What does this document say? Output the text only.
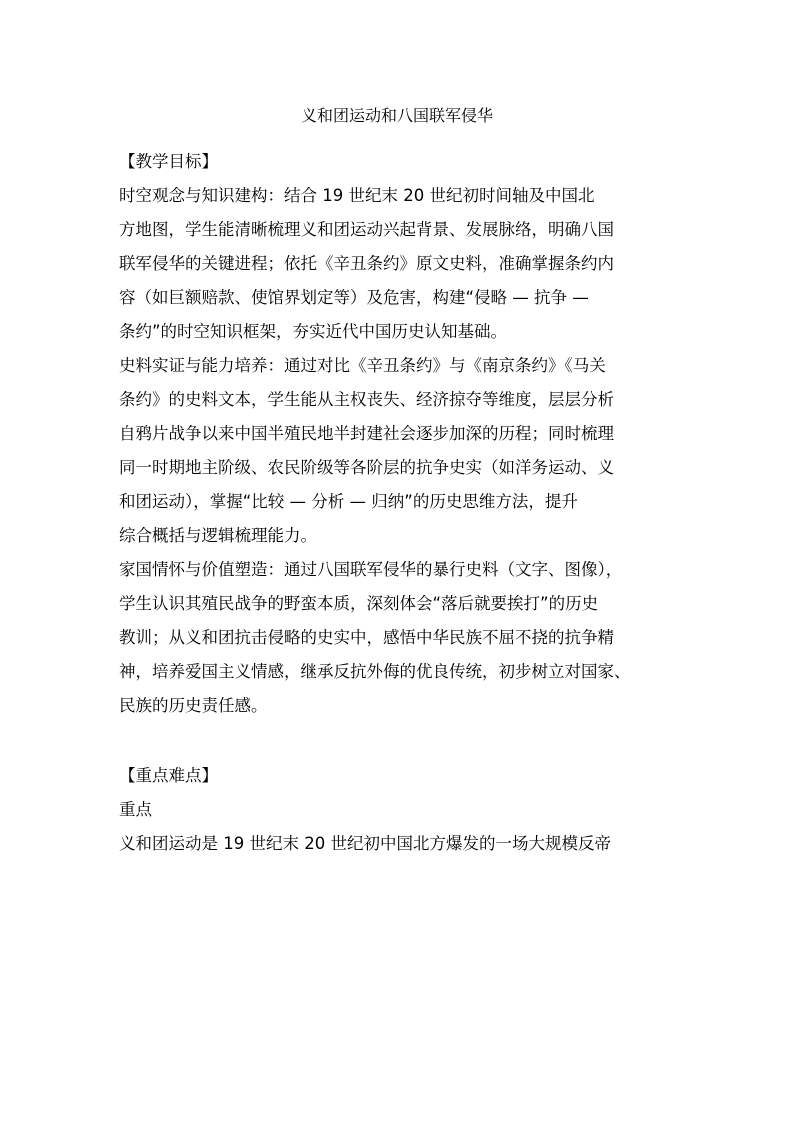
义和团运动和八国联军侵华
【教学目标】
时空观念与知识建构：结合 19 世纪末 20 世纪初时间轴及中国北
方地图，学生能清晰梳理义和团运动兴起背景、发展脉络，明确八国
联军侵华的关键进程；依托《辛丑条约》原文史料，准确掌握条约内
容（如巨额赔款、使馆界划定等）及危害，构建“侵略 — 抗争 —
条约”的时空知识框架，夯实近代中国历史认知基础。
史料实证与能力培养：通过对比《辛丑条约》与《南京条约》《马关
条约》的史料文本，学生能从主权丧失、经济掠夺等维度，层层分析
自鸦片战争以来中国半殖民地半封建社会逐步加深的历程；同时梳理
同一时期地主阶级、农民阶级等各阶层的抗争史实（如洋务运动、义
和团运动），掌握“比较 — 分析 — 归纳”的历史思维方法，提升
综合概括与逻辑梳理能力。
家国情怀与价值塑造：通过八国联军侵华的暴行史料（文字、图像），
学生认识其殖民战争的野蛮本质，深刻体会“落后就要挨打”的历史
教训；从义和团抗击侵略的史实中，感悟中华民族不屈不挠的抗争精
神，培养爱国主义情感，继承反抗外侮的优良传统，初步树立对国家、
民族的历史责任感。
【重点难点】
重点
义和团运动是 19 世纪末 20 世纪初中国北方爆发的一场大规模反帝
